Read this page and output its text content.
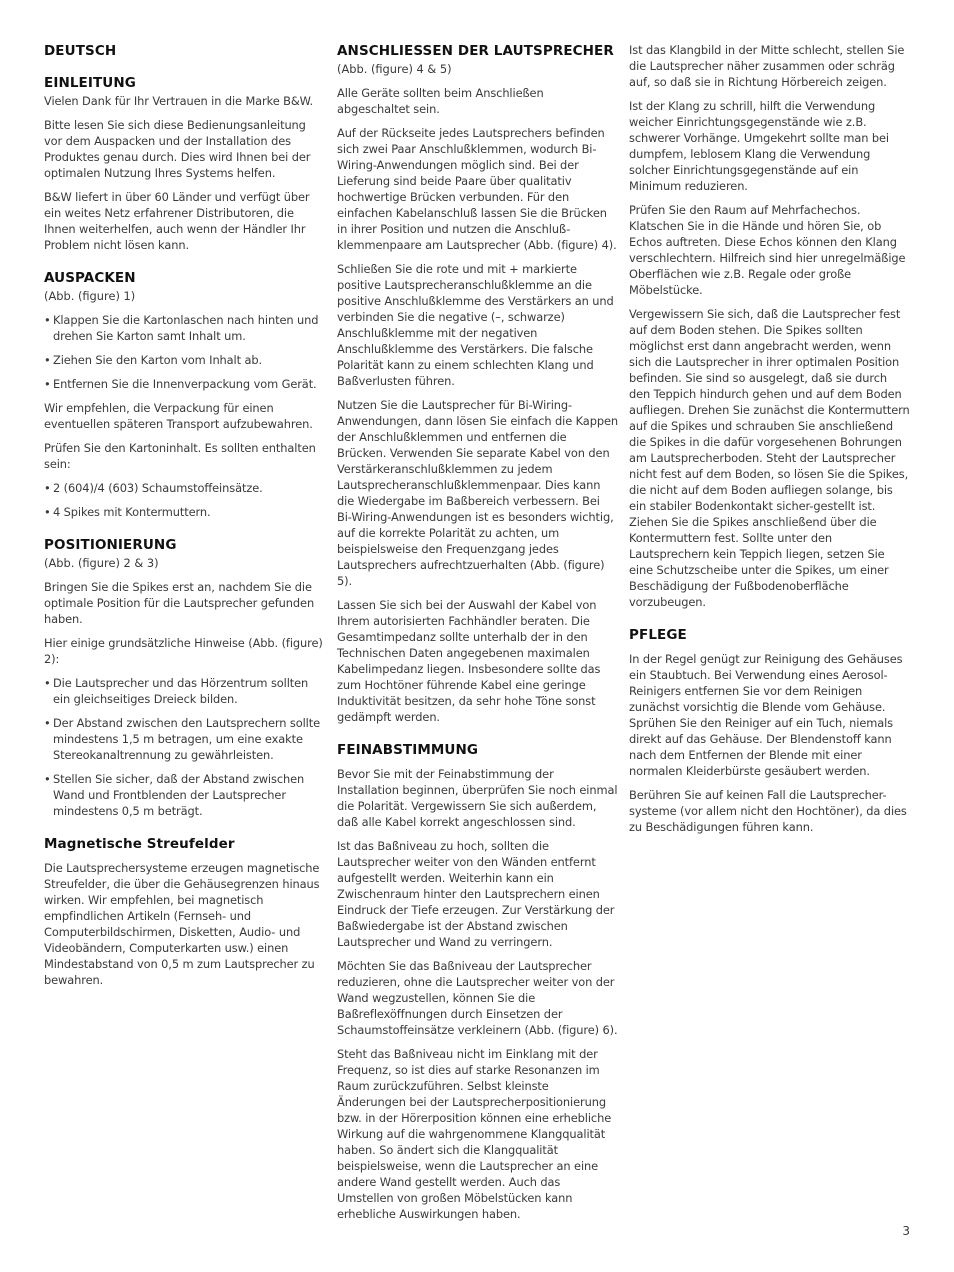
DEUTSCH
EINLEITUNG

Vielen Dank für Ihr Vertrauen in die Marke B&W.

Bitte lesen Sie sich diese Bedienungsanleitung vor dem Auspacken und der Installation des Produktes genau durch. Dies wird Ihnen bei der optimalen Nutzung Ihres Systems helfen.

B&W liefert in über 60 Länder und verfügt über ein weites Netz erfahrener Distributoren, die Ihnen weiterhelfen, auch wenn der Händler Ihr Problem nicht lösen kann.

AUSPACKEN
(Abb. (figure) 1)

• Klappen Sie die Kartonlaschen nach hinten und drehen Sie Karton samt Inhalt um.

• Ziehen Sie den Karton vom Inhalt ab.

• Entfernen Sie die Innenverpackung vom Gerät.

Wir empfehlen, die Verpackung für einen eventuellen späteren Transport aufzubewahren.

Prüfen Sie den Kartoninhalt. Es sollten enthalten sein:

• 2 (604)/4 (603) Schaumstoffeinsätze.

• 4 Spikes mit Kontermuttern.

POSITIONIERUNG
(Abb. (figure) 2 & 3)

Bringen Sie die Spikes erst an, nachdem Sie die optimale Position für die Lautsprecher gefunden haben.

Hier einige grundsätzliche Hinweise (Abb. (figure) 2):

• Die Lautsprecher und das Hörzentrum sollten ein gleichseitiges Dreieck bilden.

• Der Abstand zwischen den Lautsprechern sollte mindestens 1,5 m betragen, um eine exakte Stereokanaltrennung zu gewährleisten.

• Stellen Sie sicher, daß der Abstand zwischen Wand und Frontblenden der Lautsprecher mindestens 0,5 m beträgt.

Magnetische Streufelder

Die Lautsprechersysteme erzeugen magnetische Streufelder, die über die Gehäusegrenzen hinaus wirken. Wir empfehlen, bei magnetisch empfindlichen Artikeln (Fernseh- und Computerbildschirmen, Disketten, Audio- und Videobändern, Computerkarten usw.) einen Mindestabstand von 0,5 m zum Lautsprecher zu bewahren.

ANSCHLIESSEN DER LAUTSPRECHER
(Abb. (figure) 4 & 5)

Alle Geräte sollten beim Anschließen abgeschaltet sein.

Auf der Rückseite jedes Lautsprechers befinden sich zwei Paar Anschlußklemmen, wodurch Bi-Wiring-Anwendungen möglich sind. Bei der Lieferung sind beide Paare über qualitativ hochwertige Brücken verbunden. Für den einfachen Kabelanschluß lassen Sie die Brücken in ihrer Position und nutzen die Anschluß-klemmenpaare am Lautsprecher (Abb. (figure) 4).

Schließen Sie die rote und mit + markierte positive Lautsprecheranschlußklemme an die positive Anschlußklemme des Verstärkers an und verbinden Sie die negative (–, schwarze) Anschlußklemme mit der negativen Anschlußklemme des Verstärkers. Die falsche Polarität kann zu einem schlechten Klang und Baßverlusten führen.

Nutzen Sie die Lautsprecher für Bi-Wiring-Anwendungen, dann lösen Sie einfach die Kappen der Anschlußklemmen und entfernen die Brücken. Verwenden Sie separate Kabel von den Verstärkeranschlußklemmen zu jedem Lautsprecheranschlußklemmenpaar. Dies kann die Wiedergabe im Baßbereich verbessern. Bei Bi-Wiring-Anwendungen ist es besonders wichtig, auf die korrekte Polarität zu achten, um beispielsweise den Frequenzgang jedes Lautsprechers aufrechtzuerhalten (Abb. (figure) 5).

Lassen Sie sich bei der Auswahl der Kabel von Ihrem autorisierten Fachhändler beraten. Die Gesamtimpedanz sollte unterhalb der in den Technischen Daten angegebenen maximalen Kabelimpedanz liegen. Insbesondere sollte das zum Hochtöner führende Kabel eine geringe Induktivität besitzen, da sehr hohe Töne sonst gedämpft werden.

FEINABSTIMMUNG

Bevor Sie mit der Feinabstimmung der Installation beginnen, überprüfen Sie noch einmal die Polarität. Vergewissern Sie sich außerdem, daß alle Kabel korrekt angeschlossen sind.

Ist das Baßniveau zu hoch, sollten die Lautsprecher weiter von den Wänden entfernt aufgestellt werden. Weiterhin kann ein Zwischenraum hinter den Lautsprechern einen Eindruck der Tiefe erzeugen. Zur Verstärkung der Baßwiedergabe ist der Abstand zwischen Lautsprecher und Wand zu verringern.

Möchten Sie das Baßniveau der Lautsprecher reduzieren, ohne die Lautsprecher weiter von der Wand wegzustellen, können Sie die Baßreflexöffnungen durch Einsetzen der Schaumstoffeinsätze verkleinern (Abb. (figure) 6).

Steht das Baßniveau nicht im Einklang mit der Frequenz, so ist dies auf starke Resonanzen im Raum zurückzuführen. Selbst kleinste Änderungen bei der Lautsprecherpositionierung bzw. in der Hörerposition können eine erhebliche Wirkung auf die wahrgenommene Klangqualität haben. So ändert sich die Klangqualität beispielsweise, wenn die Lautsprecher an eine andere Wand gestellt werden. Auch das Umstellen von großen Möbelstücken kann erhebliche Auswirkungen haben.

Ist das Klangbild in der Mitte schlecht, stellen Sie die Lautsprecher näher zusammen oder schräg auf, so daß sie in Richtung Hörbereich zeigen.

Ist der Klang zu schrill, hilft die Verwendung weicher Einrichtungsgegenstände wie z.B. schwerer Vorhänge. Umgekehrt sollte man bei dumpfem, leblosem Klang die Verwendung solcher Einrichtungsgegenstände auf ein Minimum reduzieren.

Prüfen Sie den Raum auf Mehrfachechos. Klatschen Sie in die Hände und hören Sie, ob Echos auftreten. Diese Echos können den Klang verschlechtern. Hilfreich sind hier unregelmäßige Oberflächen wie z.B. Regale oder große Möbelstücke.

Vergewissern Sie sich, daß die Lautsprecher fest auf dem Boden stehen. Die Spikes sollten möglichst erst dann angebracht werden, wenn sich die Lautsprecher in ihrer optimalen Position befinden. Sie sind so ausgelegt, daß sie durch den Teppich hindurch gehen und auf dem Boden aufliegen. Drehen Sie zunächst die Kontermuttern auf die Spikes und schrauben Sie anschließend die Spikes in die dafür vorgesehenen Bohrungen am Lautsprecherboden. Steht der Lautsprecher nicht fest auf dem Boden, so lösen Sie die Spikes, die nicht auf dem Boden aufliegen solange, bis ein stabiler Bodenkontakt sicher-gestellt ist. Ziehen Sie die Spikes anschließend über die Kontermuttern fest. Sollte unter den Lautsprechern kein Teppich liegen, setzen Sie eine Schutzscheibe unter die Spikes, um einer Beschädigung der Fußbodenoberfläche vorzubeugen.

PFLEGE

In der Regel genügt zur Reinigung des Gehäuses ein Staubtuch. Bei Verwendung eines Aerosol-Reinigers entfernen Sie vor dem Reinigen zunächst vorsichtig die Blende vom Gehäuse. Sprühen Sie den Reiniger auf ein Tuch, niemals direkt auf das Gehäuse. Der Blendenstoff kann nach dem Entfernen der Blende mit einer normalen Kleiderbürste gesäubert werden.

Berühren Sie auf keinen Fall die Lautsprecher-systeme (vor allem nicht den Hochtöner), da dies zu Beschädigungen führen kann.

3
